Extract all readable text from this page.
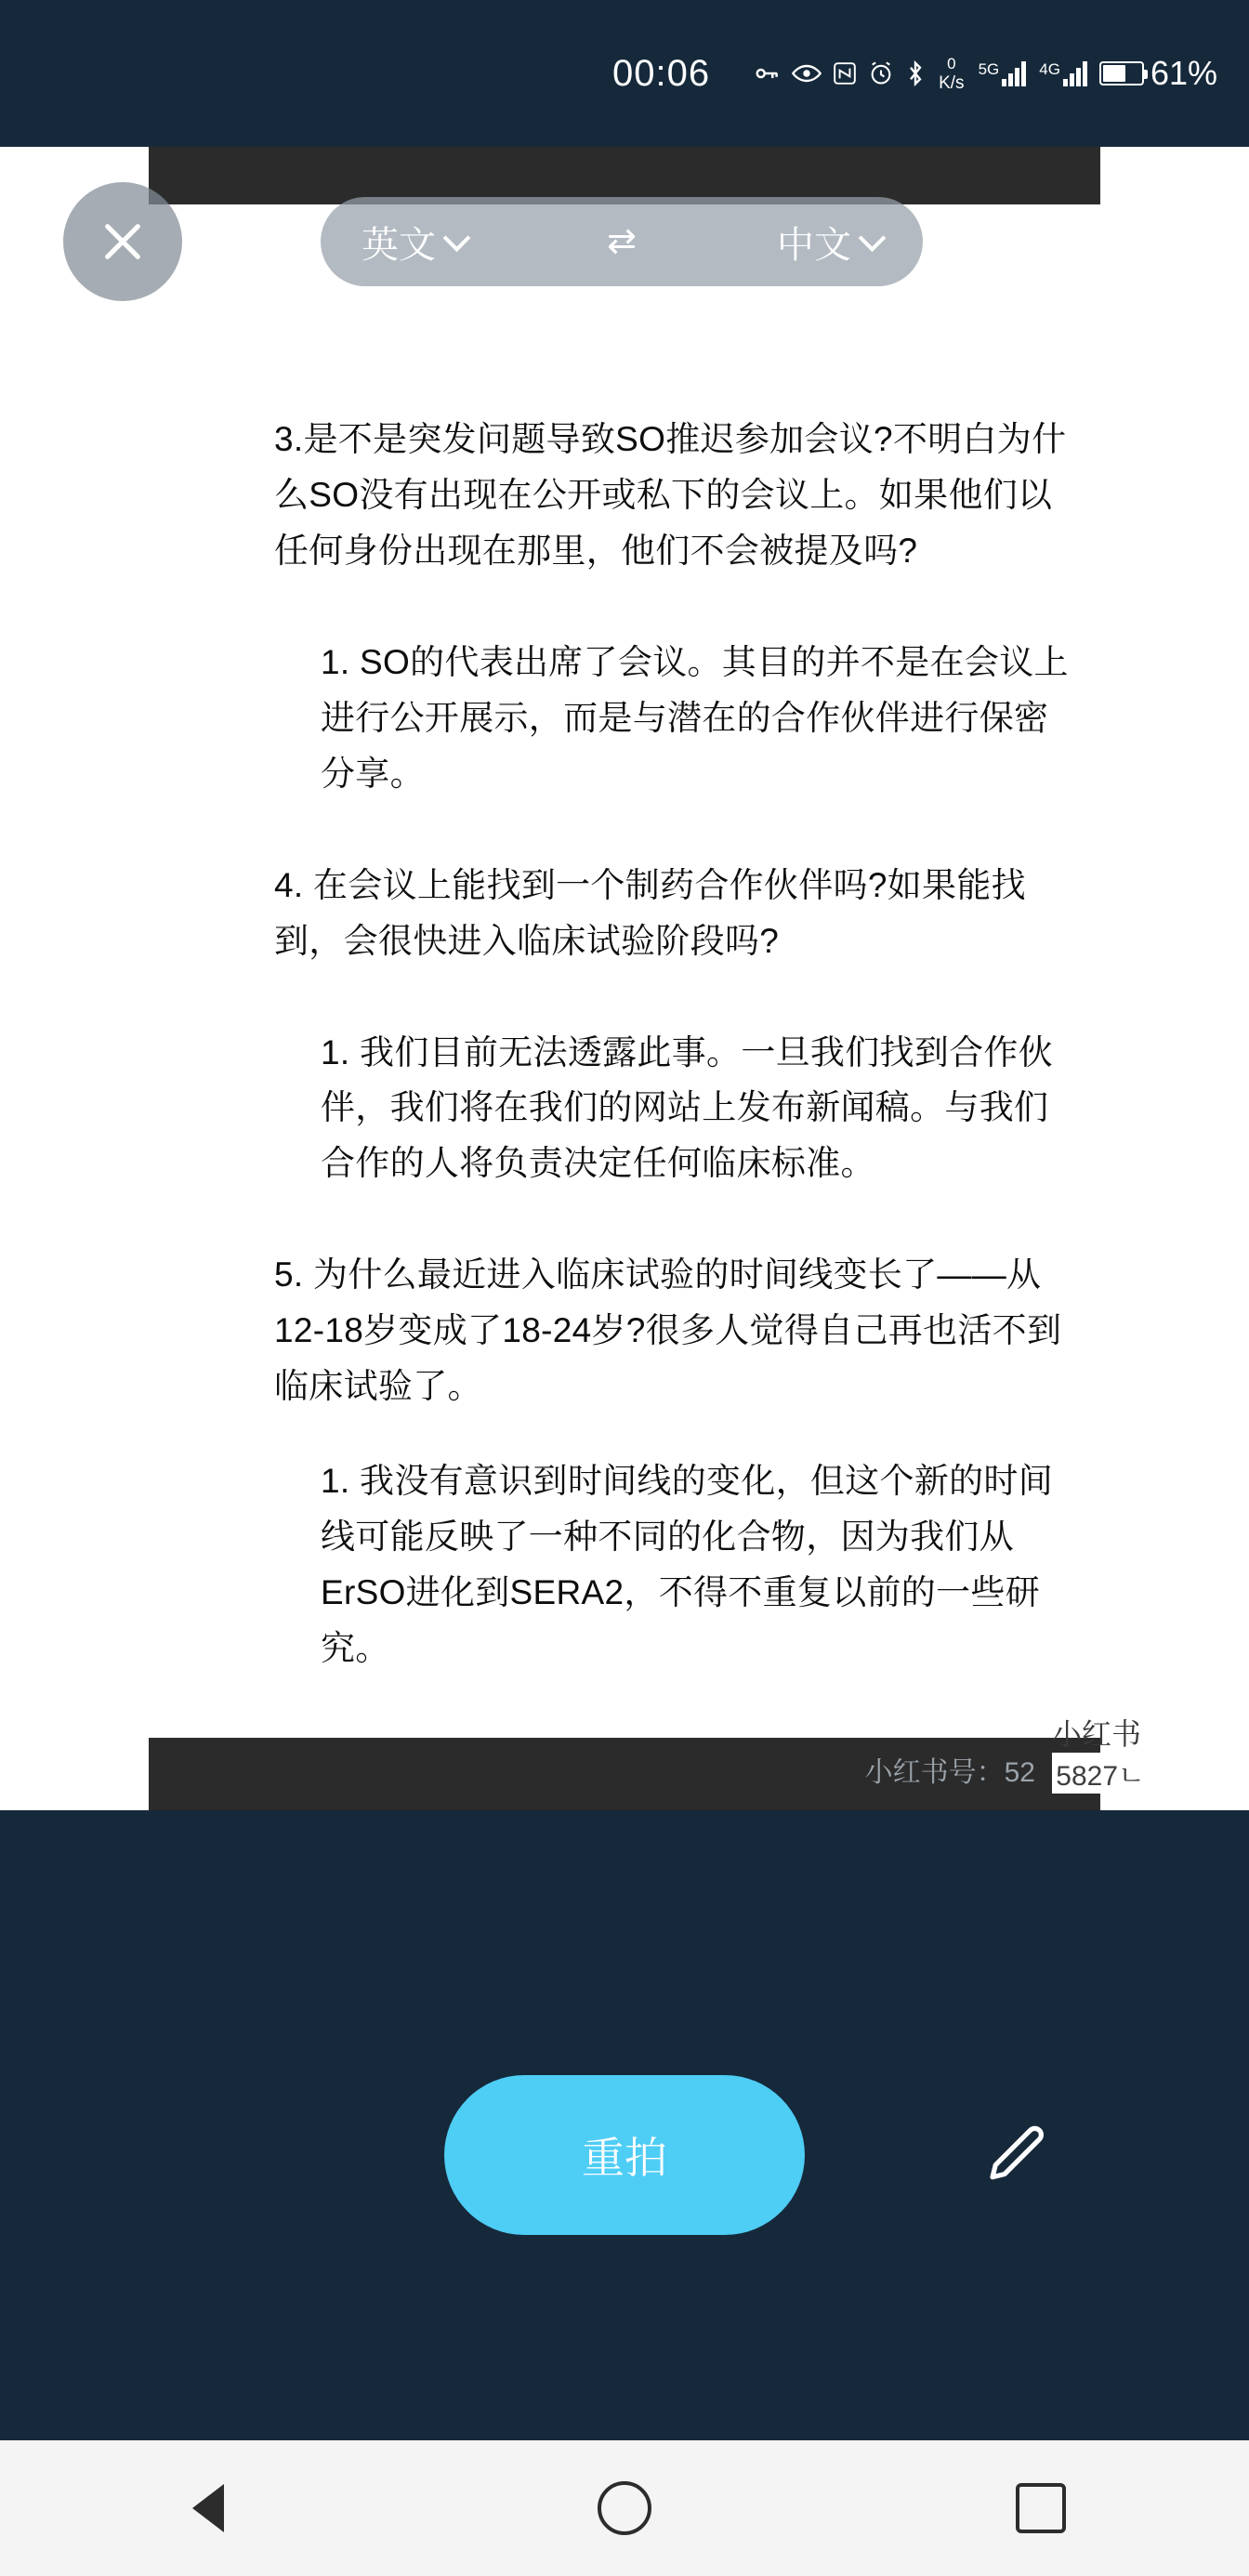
00:06	0
K/s
5G	4G	61%
英文	⇄	中文

3.是不是突发问题导致SO推迟参加会议?不明白为什么SO没有出现在公开或私下的会议上。如果他们以任何身份出现在那里，他们不会被提及吗?

1. SO的代表出席了会议。其目的并不是在会议上进行公开展示，而是与潜在的合作伙伴进行保密分享。

4. 在会议上能找到一个制药合作伙伴吗?如果能找到，会很快进入临床试验阶段吗?

1. 我们目前无法透露此事。一旦我们找到合作伙伴，我们将在我们的网站上发布新闻稿。与我们合作的人将负责决定任何临床标准。

5. 为什么最近进入临床试验的时间线变长了——从12-18岁变成了18-24岁?很多人觉得自己再也活不到临床试验了。

1. 我没有意识到时间线的变化，但这个新的时间线可能反映了一种不同的化合物，因为我们从ErSO进化到SERA2，不得不重复以前的一些研究。

小红书号：52
小红书
5827ㄴ
重拍
